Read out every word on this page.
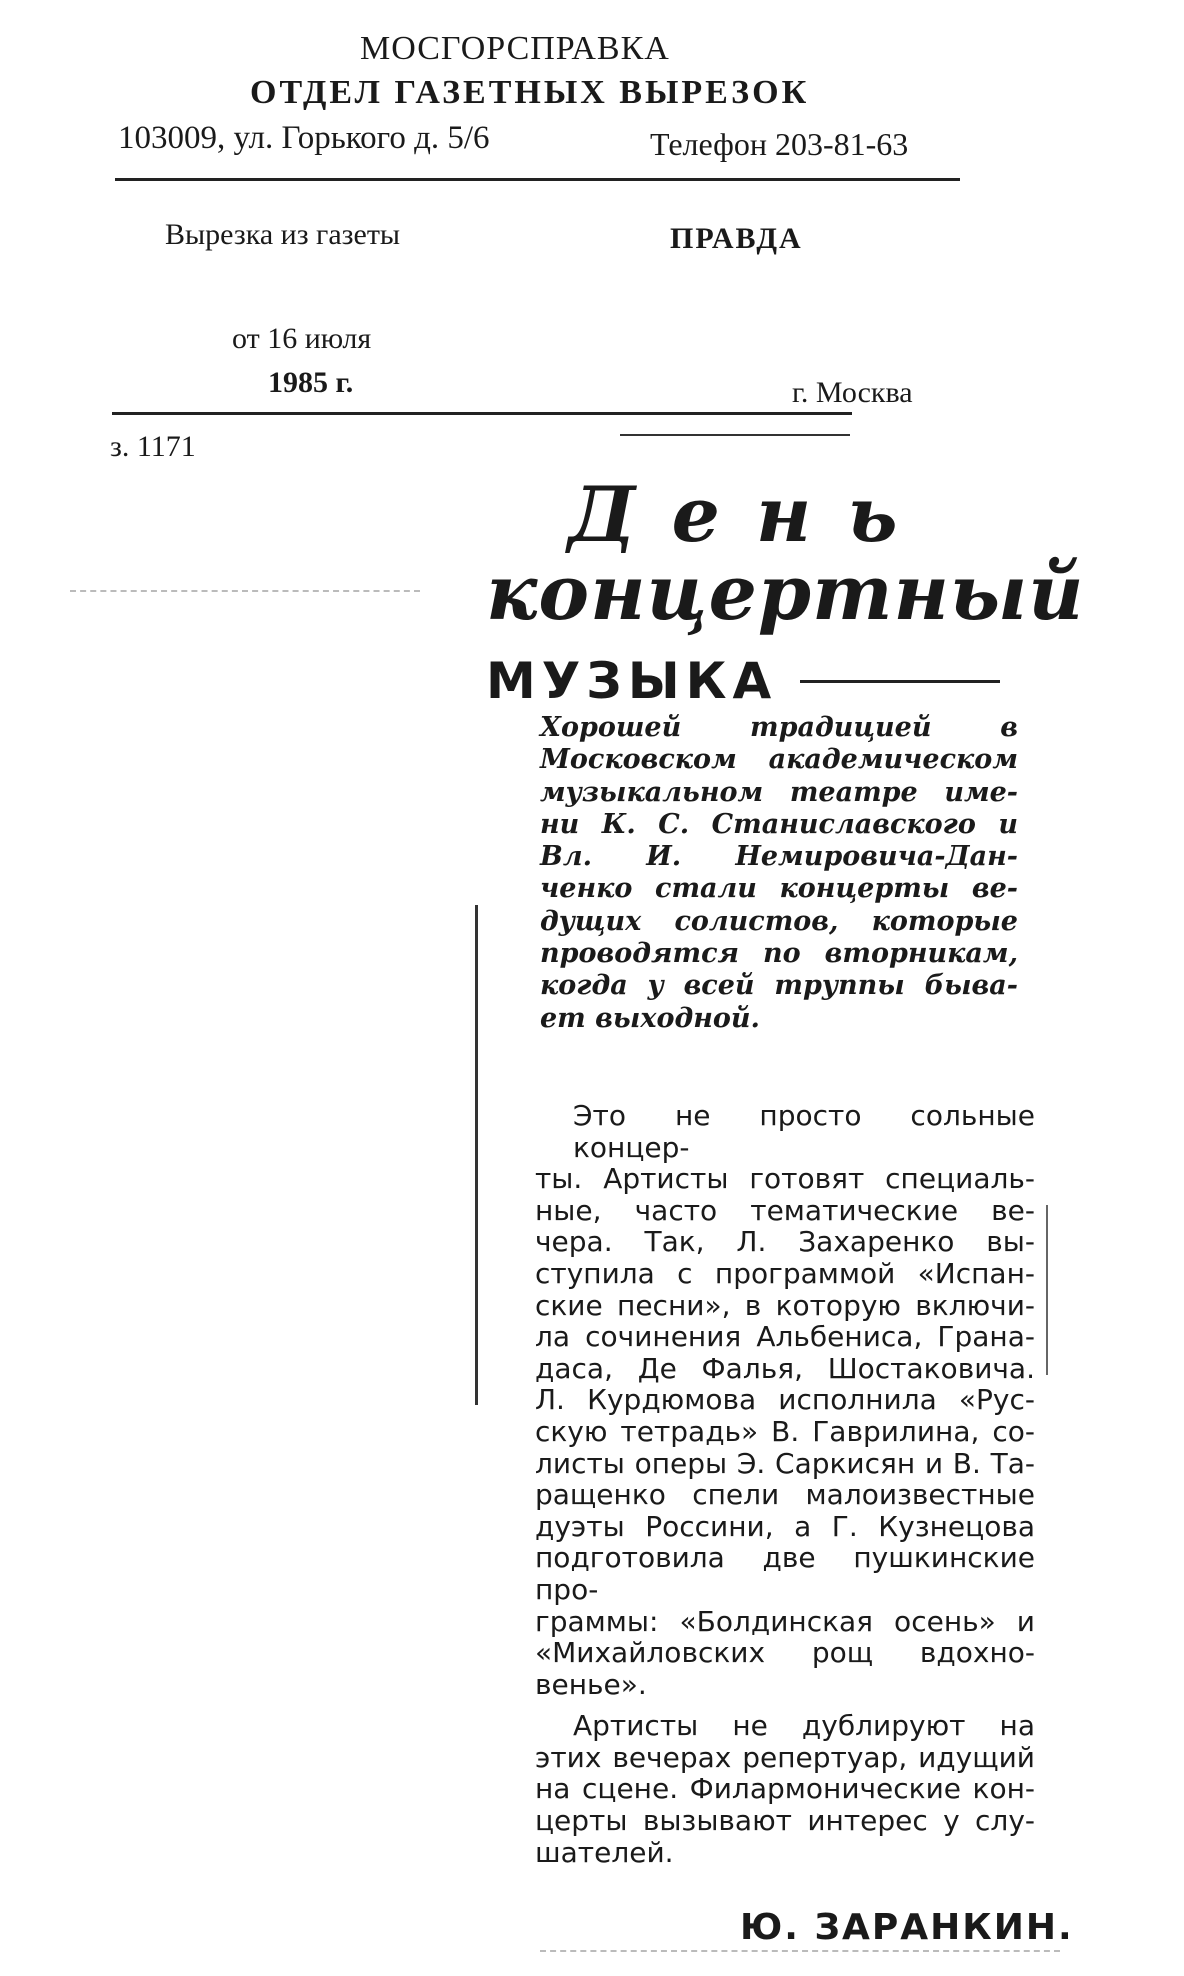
МОСГОРСПРАВКА
ОТДЕЛ ГАЗЕТНЫХ ВЫРЕЗОК
103009, ул. Горького д. 5/6	Телефон 203-81-63
Вырезка из газеты	ПРАВДА
от 16 июля
1985 г.	г. Москва
з. 1171
День
концертный
МУЗЫКА
Хорошей традицией в
Московском академическом
музыкальном театре име-
ни К. С. Станиславского и
Вл. И. Немировича-Дан-
ченко стали концерты ве-
дущих солистов, которые
проводятся по вторникам,
когда у всей труппы быва-
ет выходной.

Это не просто сольные концер-
ты. Артисты готовят специаль-
ные, часто тематические ве-
чера. Так, Л. Захаренко вы-
ступила с программой «Испан-
ские песни», в которую включи-
ла сочинения Альбениса, Грана-
даса, Де Фалья, Шостаковича.
Л. Курдюмова исполнила «Рус-
скую тетрадь» В. Гаврилина, со-
листы оперы Э. Саркисян и В. Та-
ращенко спели малоизвестные
дуэты Россини, а Г. Кузнецова
подготовила две пушкинские про-
граммы: «Болдинская осень» и
«Михайловских рощ вдохно-
венье».

Артисты не дублируют на
этих вечерах репертуар, идущий
на сцене. Филармонические кон-
церты вызывают интерес у слу-
шателей.

Ю. ЗАРАНКИН.
